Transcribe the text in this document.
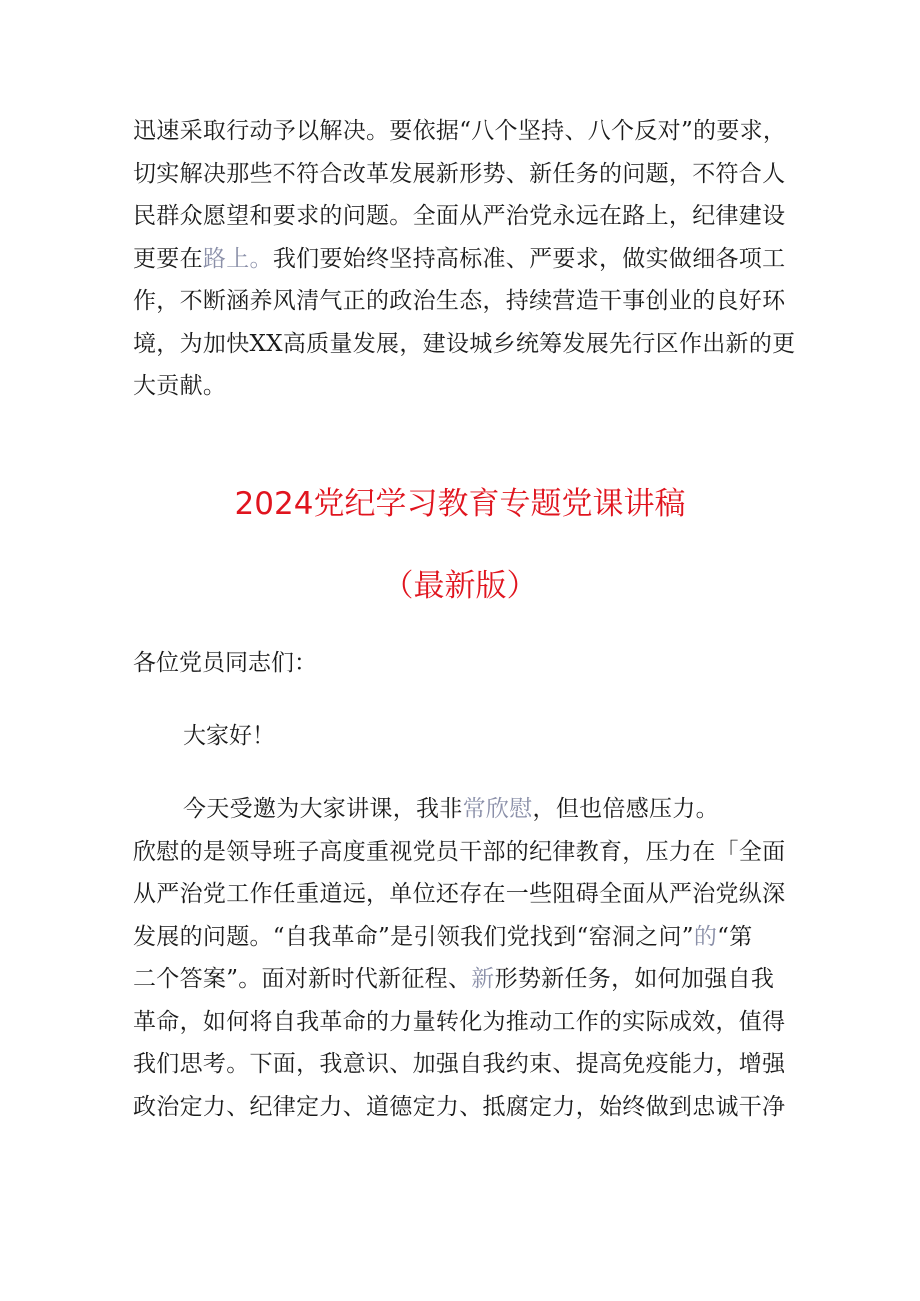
迅速采取行动予以解决。要依据“八个坚持、八个反对”的要求，
切实解决那些不符合改革发展新形势、新任务的问题，不符合人
民群众愿望和要求的问题。全面从严治党永远在路上，纪律建设
更要在路上。我们要始终坚持高标准、严要求，做实做细各项工
作，不断涵养风清气正的政治生态，持续营造干事创业的良好环
境，为加快XX高质量发展，建设城乡统筹发展先行区作出新的更
大贡献。
2024党纪学习教育专题党课讲稿
（最新版）

各位党员同志们：

大家好！

今天受邀为大家讲课，我非常欣慰，但也倍感压力。
欣慰的是领导班子高度重视党员干部的纪律教育，压力在「全面
从严治党工作任重道远，单位还存在一些阻碍全面从严治党纵深
发展的问题。“自我革命”是引领我们党找到“窑洞之问”的“第
二个答案”。面对新时代新征程、新形势新任务，如何加强自我
革命，如何将自我革命的力量转化为推动工作的实际成效，值得
我们思考。下面，我意识、加强自我约束、提高免疫能力，增强
政治定力、纪律定力、道德定力、抵腐定力，始终做到忠诚干净
